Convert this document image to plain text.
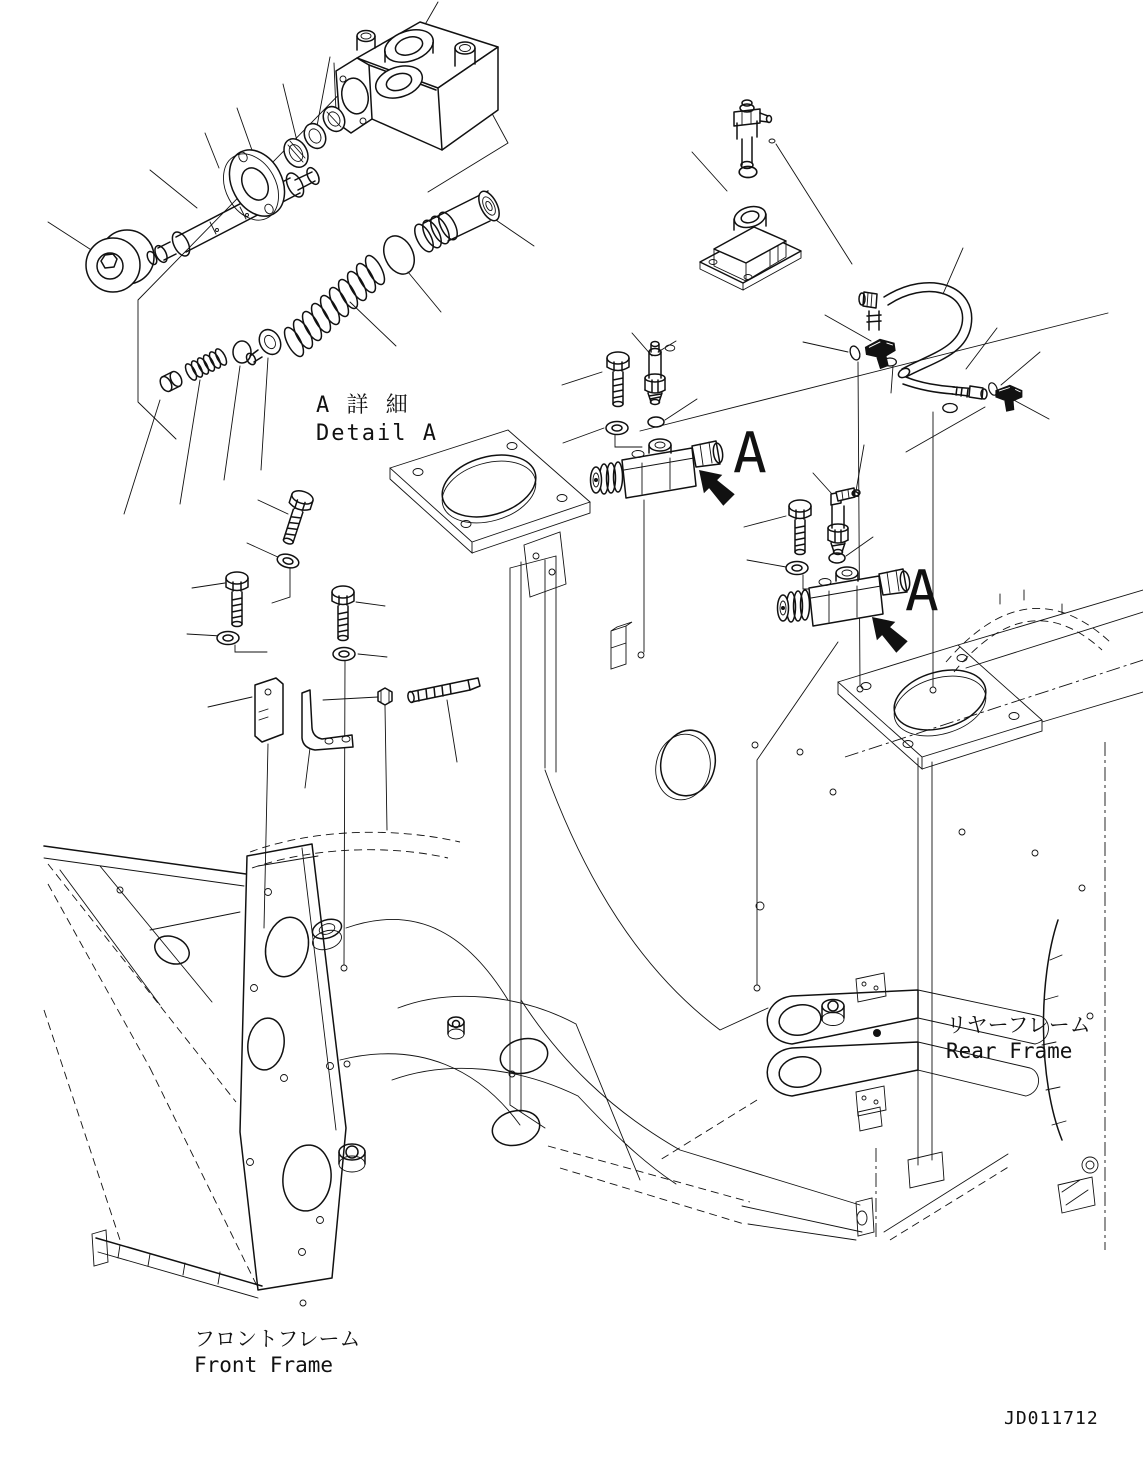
A 詳 細
Detail A	A
A
リヤーフレーム
Rear Frame
フロントフレーム
Front Frame
JD011712
